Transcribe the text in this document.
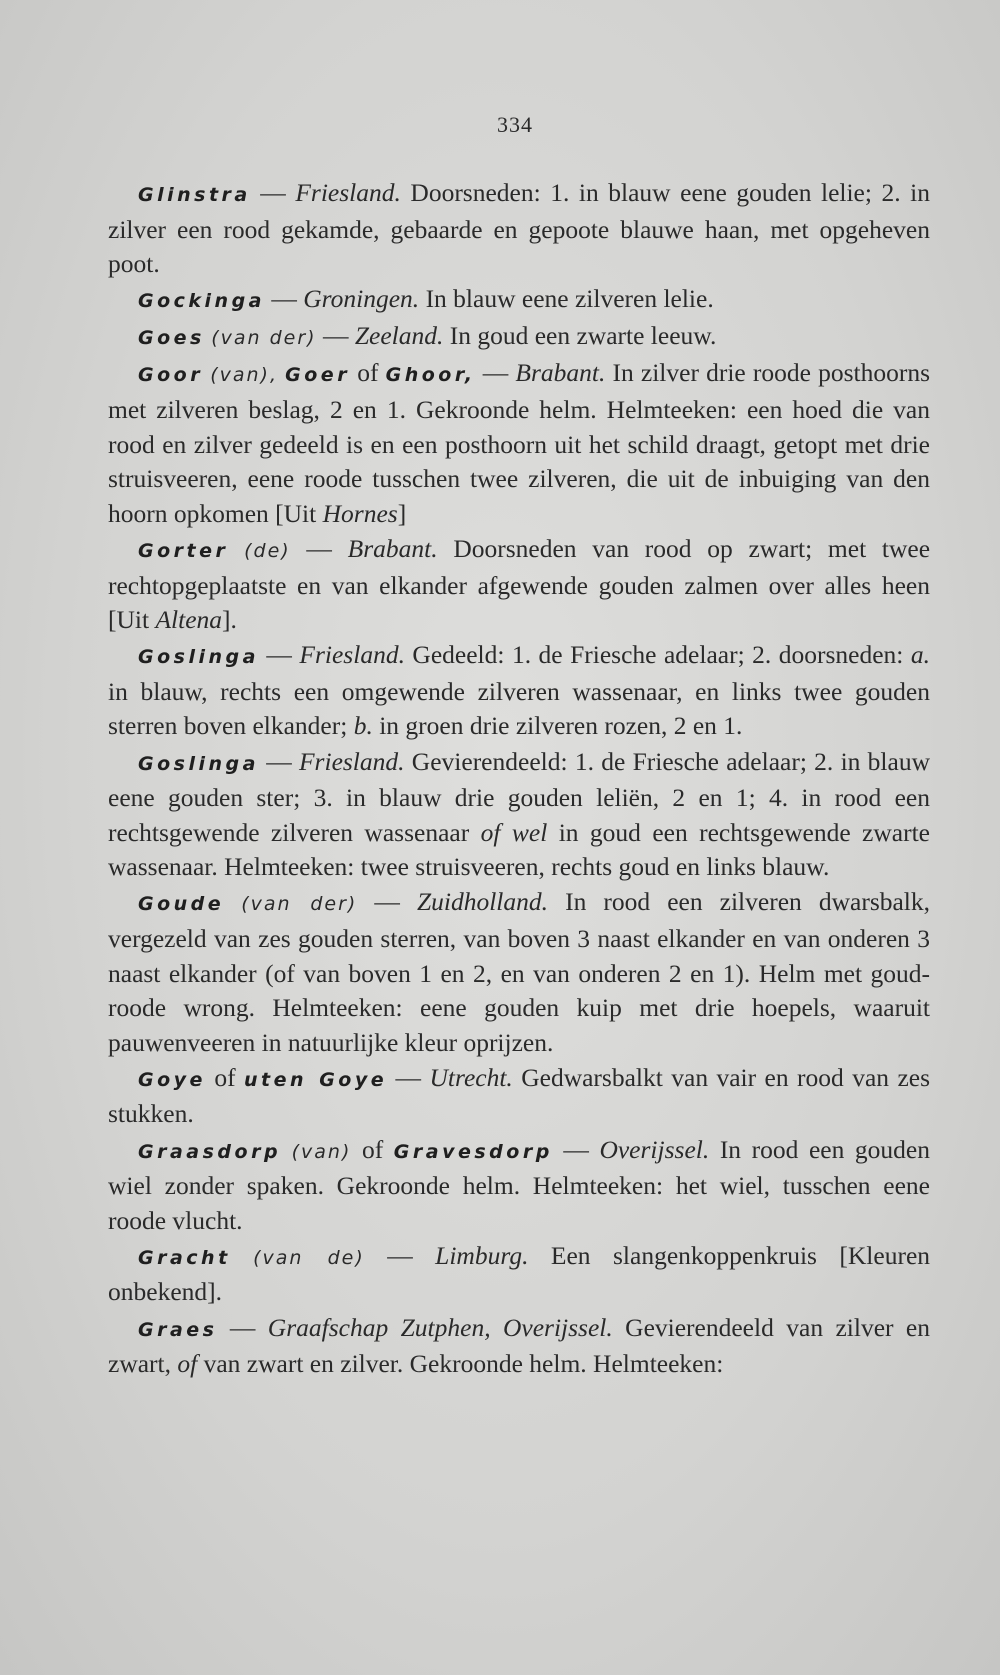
334

Glinstra — Friesland. Doorsneden: 1. in blauw eene gouden lelie; 2. in zilver een rood gekamde, gebaarde en gepoote blauwe haan, met opgeheven poot.

Gockinga — Groningen. In blauw eene zilveren lelie.

Goes (van der) — Zeeland. In goud een zwarte leeuw.

Goor (van), Goer of Ghoor, — Brabant. In zilver drie roode posthoorns met zilveren beslag, 2 en 1. Gekroonde helm. Helmteeken: een hoed die van rood en zilver gedeeld is en een posthoorn uit het schild draagt, getopt met drie struisveeren, eene roode tusschen twee zilveren, die uit de inbuiging van den hoorn opkomen [Uit Hornes]

Gorter (de) — Brabant. Doorsneden van rood op zwart; met twee rechtopgeplaatste en van elkander afgewende gouden zalmen over alles heen [Uit Altena].

Goslinga — Friesland. Gedeeld: 1. de Friesche adelaar; 2. doorsneden: a. in blauw, rechts een omgewende zilveren wassenaar, en links twee gouden sterren boven elkander; b. in groen drie zilveren rozen, 2 en 1.

Goslinga — Friesland. Gevierendeeld: 1. de Friesche adelaar; 2. in blauw eene gouden ster; 3. in blauw drie gouden leliën, 2 en 1; 4. in rood een rechtsgewende zilveren wassenaar of wel in goud een rechtsgewende zwarte wassenaar. Helmteeken: twee struisveeren, rechts goud en links blauw.

Goude (van der) — Zuidholland. In rood een zilveren dwarsbalk, vergezeld van zes gouden sterren, van boven 3 naast elkander en van onderen 3 naast elkander (of van boven 1 en 2, en van onderen 2 en 1). Helm met goud-roode wrong. Helmteeken: eene gouden kuip met drie hoepels, waaruit pauwenveeren in natuurlijke kleur oprijzen.

Goye of uten Goye — Utrecht. Gedwarsbalkt van vair en rood van zes stukken.

Graasdorp (van) of Gravesdorp — Overijssel. In rood een gouden wiel zonder spaken. Gekroonde helm. Helmteeken: het wiel, tusschen eene roode vlucht.

Gracht (van de) — Limburg. Een slangenkoppenkruis [Kleuren onbekend].

Graes — Graafschap Zutphen, Overijssel. Gevierendeeld van zilver en zwart, of van zwart en zilver. Gekroonde helm. Helmteeken:
